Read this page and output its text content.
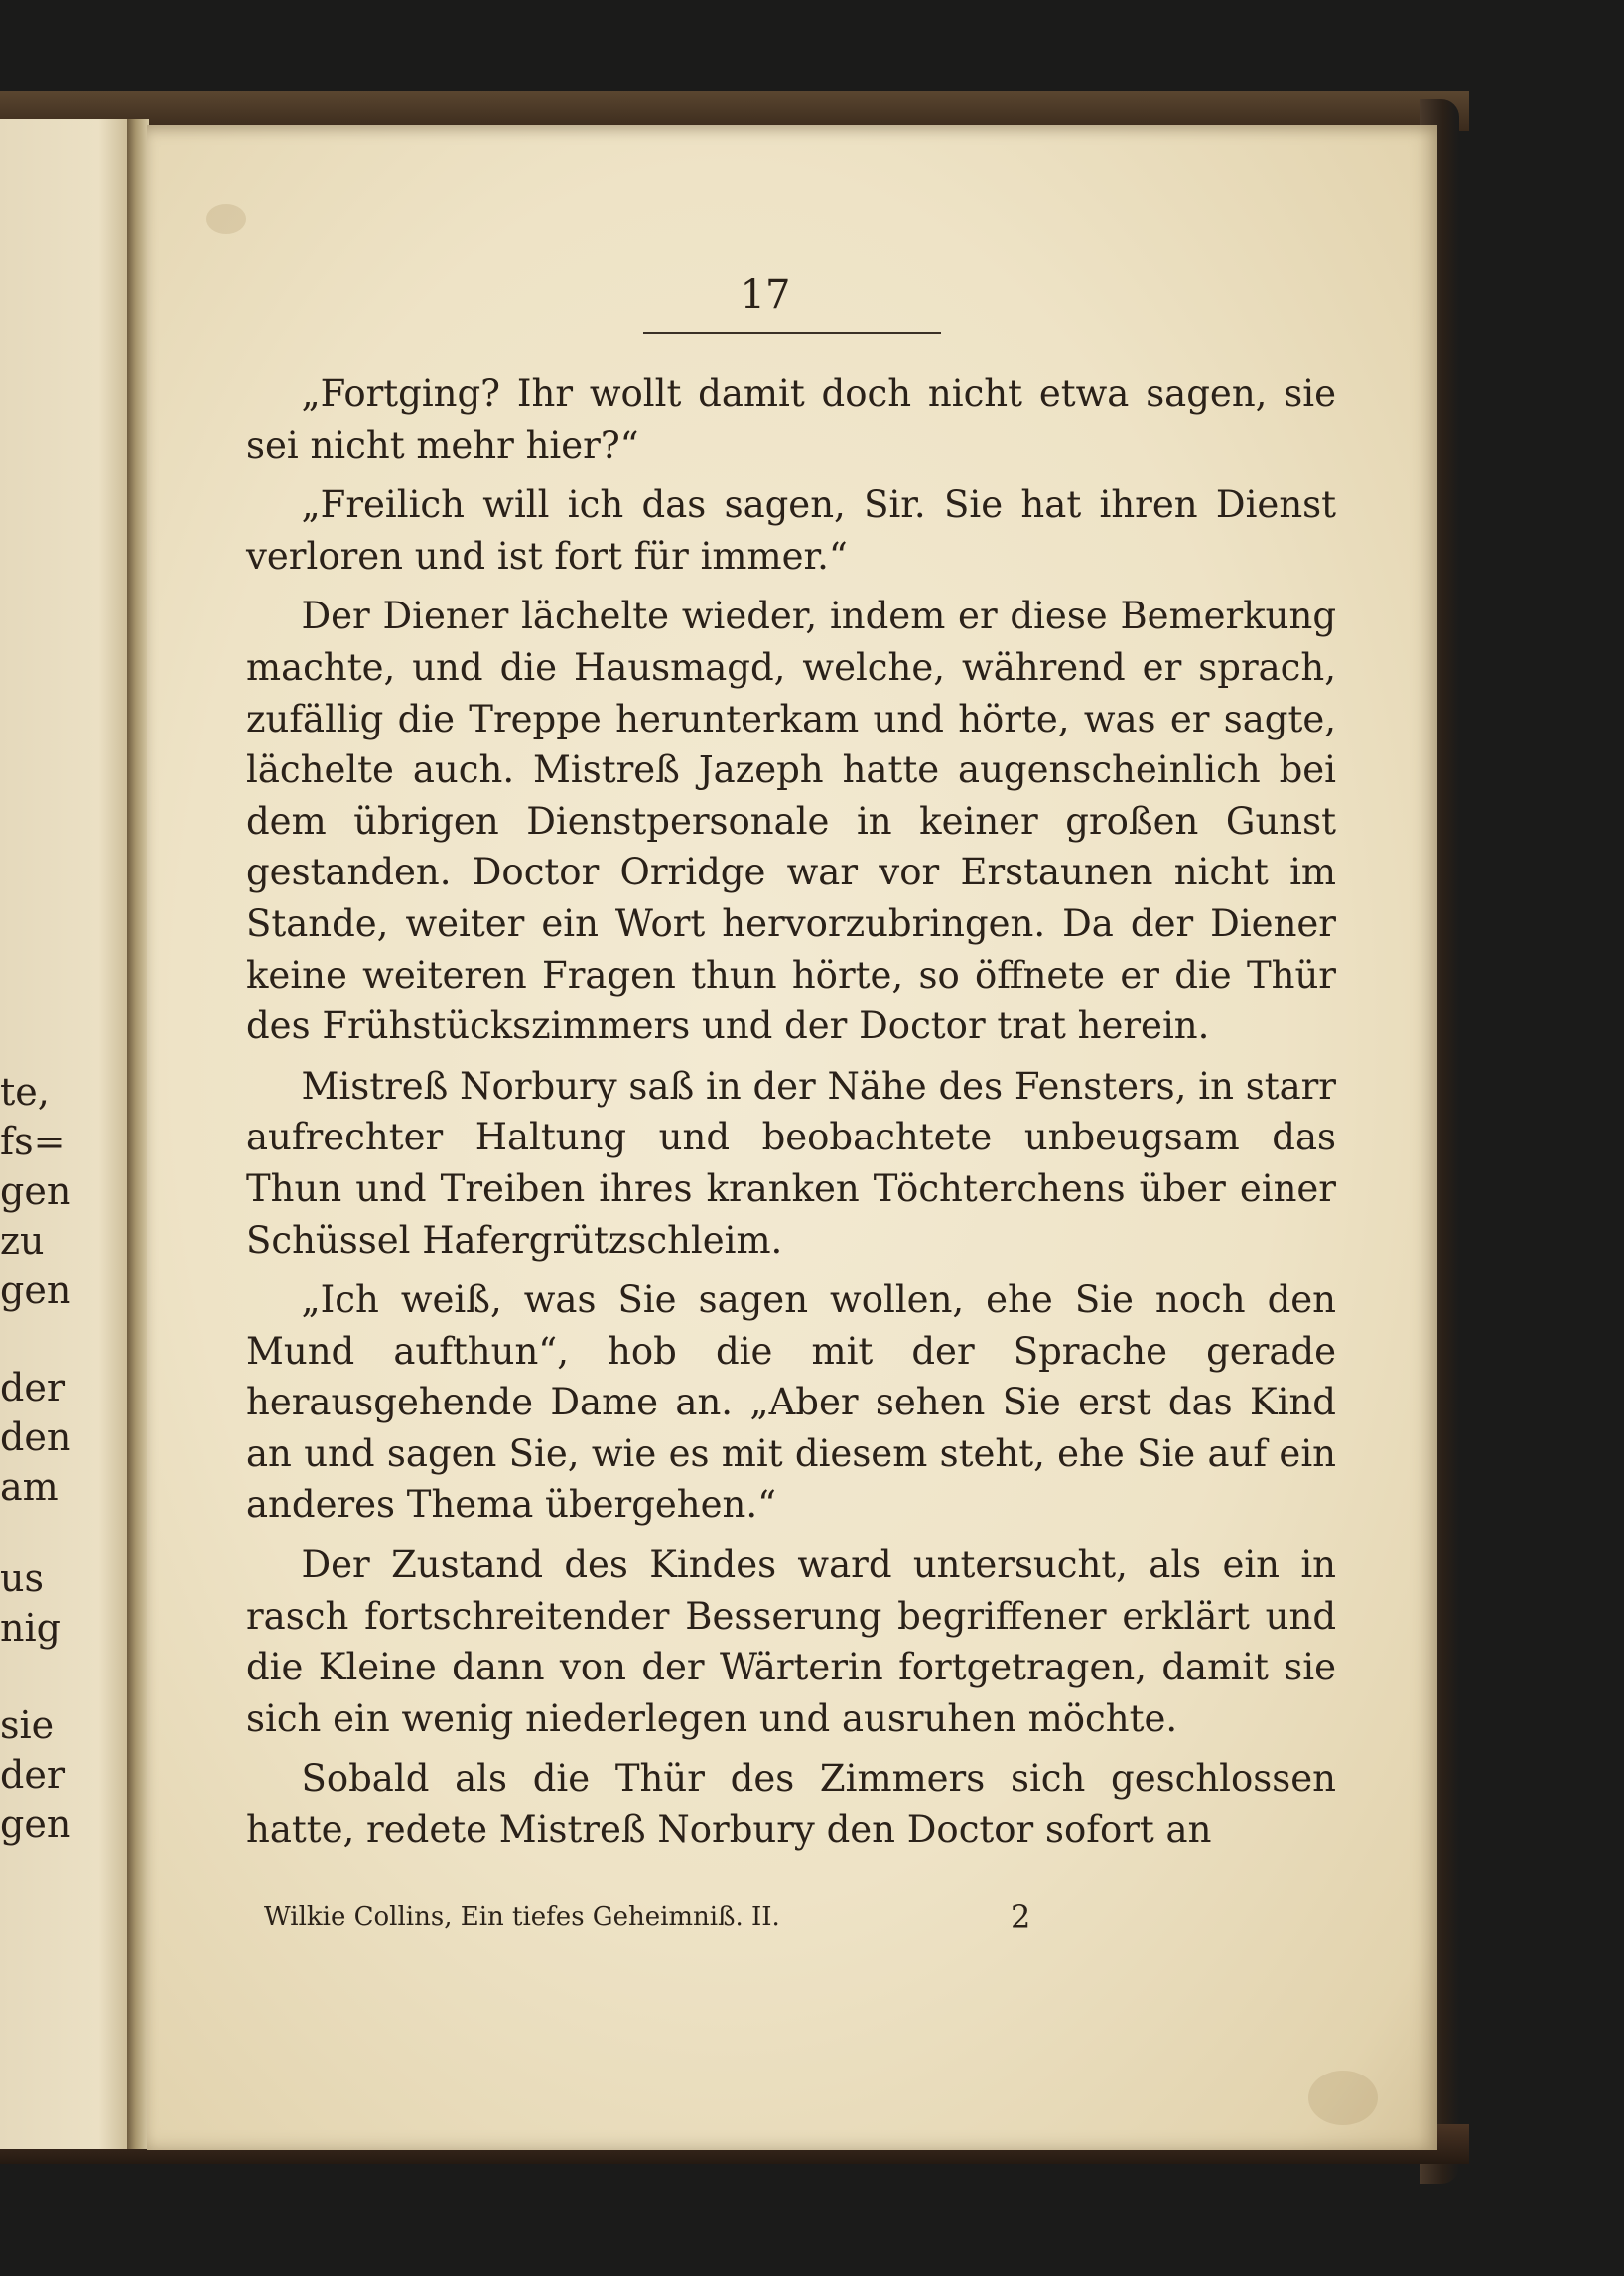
te,
fs=
gen
zu
gen
der
den
am
us
nig
sie
der
gen
17

„Fortging? Ihr wollt damit doch nicht etwa sagen, sie sei nicht mehr hier?“

„Freilich will ich das sagen, Sir. Sie hat ihren Dienst verloren und ist fort für immer.“

Der Diener lächelte wieder, indem er diese Bemerkung machte, und die Hausmagd, welche, während er sprach, zufällig die Treppe herunterkam und hörte, was er sagte, lächelte auch. Mistreß Jazeph hatte augenscheinlich bei dem übrigen Dienstpersonale in keiner großen Gunst gestanden. Doctor Orridge war vor Erstaunen nicht im Stande, weiter ein Wort hervorzubringen. Da der Diener keine weiteren Fragen thun hörte, so öffnete er die Thür des Frühstückszimmers und der Doctor trat herein.

Mistreß Norbury saß in der Nähe des Fensters, in starr aufrechter Haltung und beobachtete unbeugsam das Thun und Treiben ihres kranken Töchterchens über einer Schüssel Hafergrützschleim.

„Ich weiß, was Sie sagen wollen, ehe Sie noch den Mund aufthun“, hob die mit der Sprache gerade herausgehende Dame an. „Aber sehen Sie erst das Kind an und sagen Sie, wie es mit diesem steht, ehe Sie auf ein anderes Thema übergehen.“

Der Zustand des Kindes ward untersucht, als ein in rasch fortschreitender Besserung begriffener erklärt und die Kleine dann von der Wärterin fortgetragen, damit sie sich ein wenig niederlegen und ausruhen möchte.

Sobald als die Thür des Zimmers sich geschlossen hatte, redete Mistreß Norbury den Doctor sofort an

Wilkie Collins, Ein tiefes Geheimniß. II.	2
